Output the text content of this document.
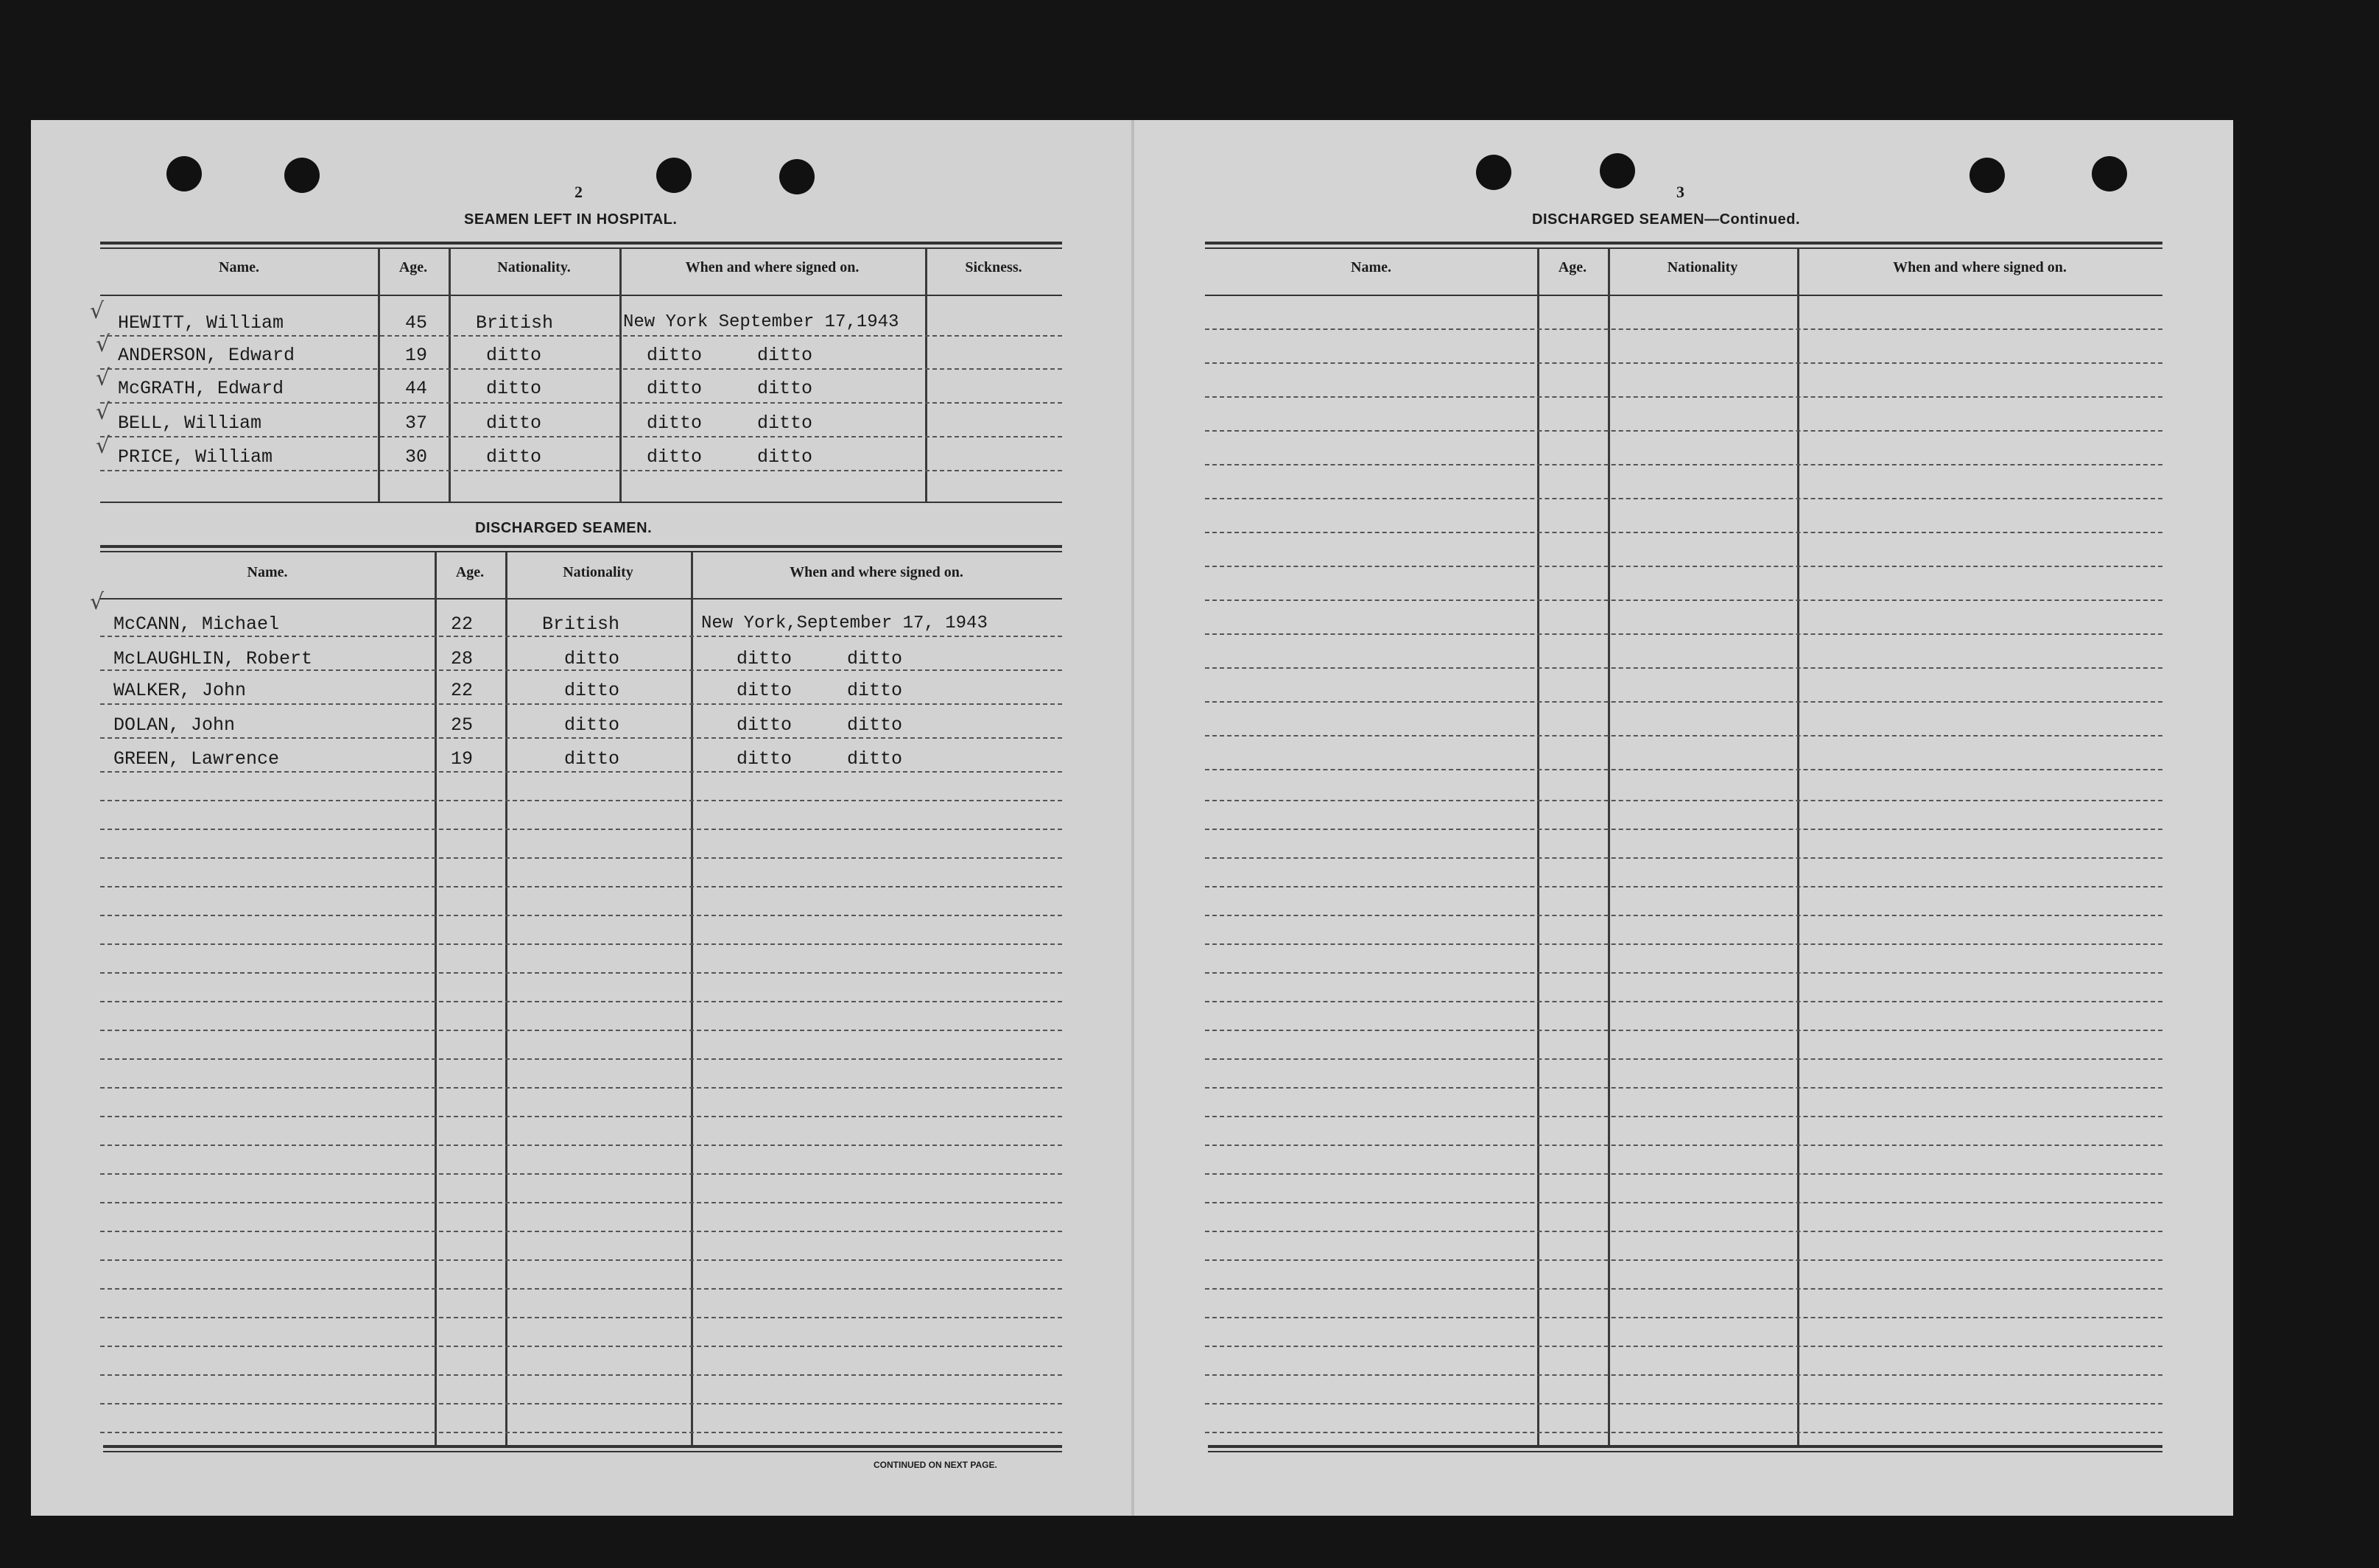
2
SEAMEN LEFT IN HOSPITAL.
Name.	Age.	Nationality.	When and where signed on.	Sickness.
√ HEWITT, William	45	British	New York September 17,1943
√ ANDERSON, Edward	19	ditto	ditto     ditto
√ McGRATH, Edward	44	ditto	ditto     ditto
√ BELL, William	37	ditto	ditto     ditto
√ PRICE, William	30	ditto	ditto     ditto
DISCHARGED SEAMEN.
Name.	Age.	Nationality	When and where signed on.
√
McCANN, Michael	22	British	New York,September 17, 1943
McLAUGHLIN, Robert	28	ditto	ditto     ditto
WALKER, John	22	ditto	ditto     ditto
DOLAN, John	25	ditto	ditto     ditto
GREEN, Lawrence	19	ditto	ditto     ditto
CONTINUED ON NEXT PAGE.
3
DISCHARGED SEAMEN—Continued.
Name.	Age.	Nationality	When and where signed on.
